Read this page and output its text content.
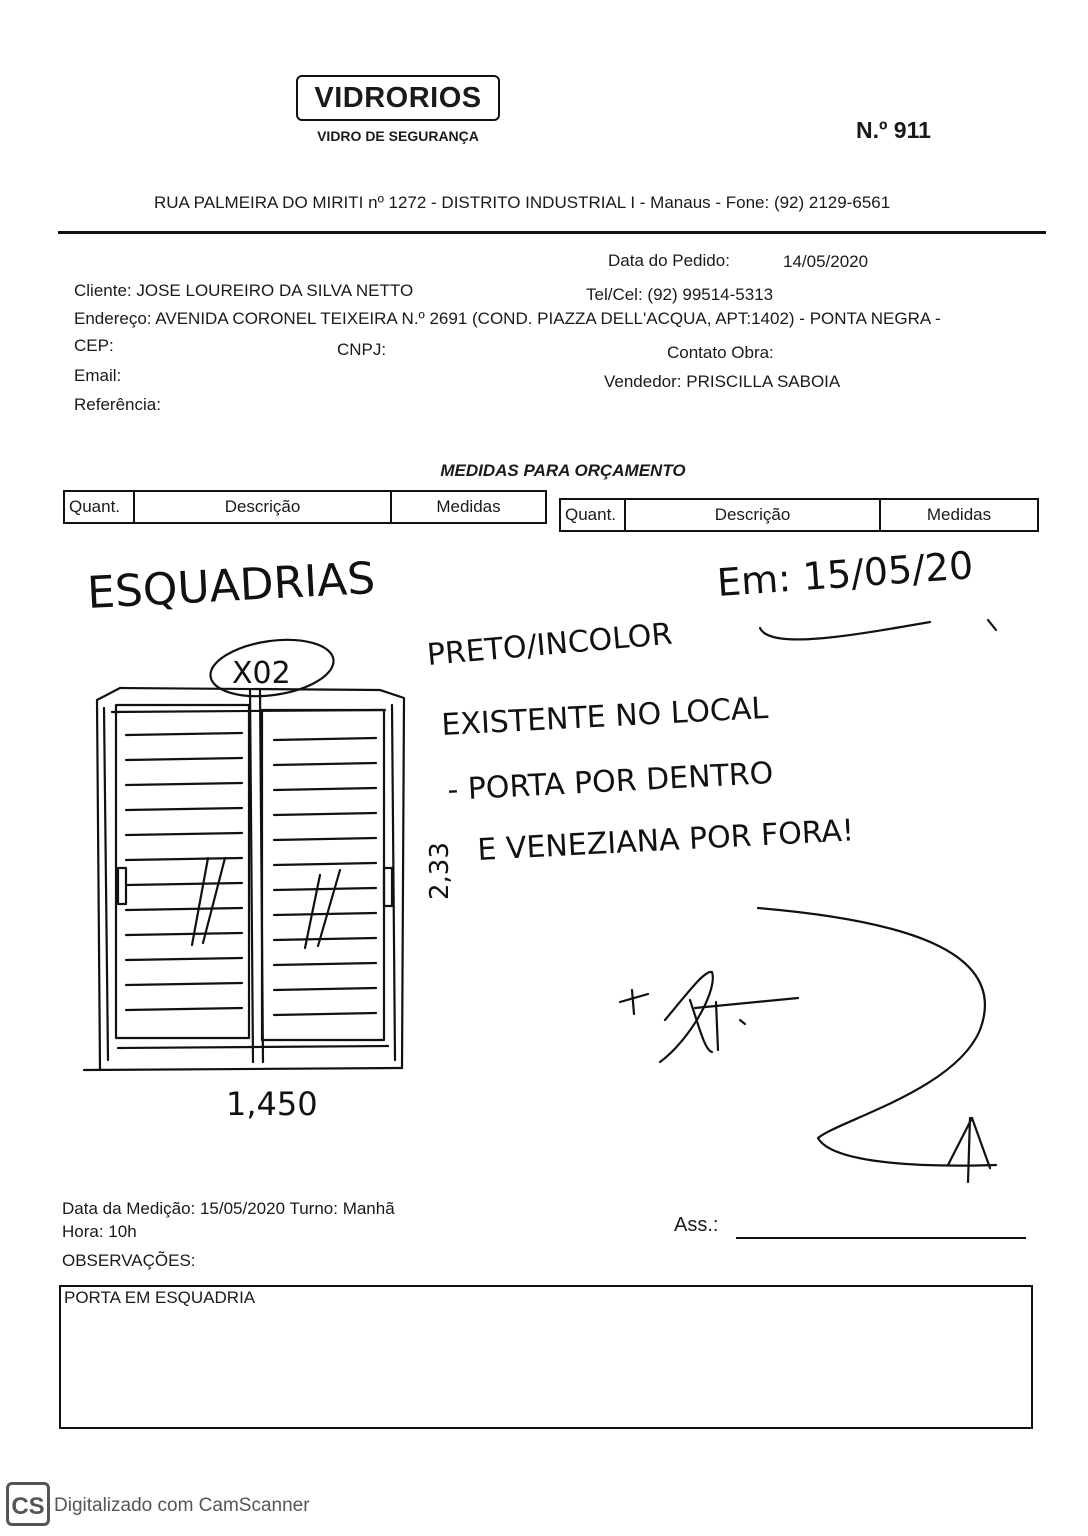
VIDRORIOS
VIDRO DE SEGURANÇA	N.º 911
RUA PALMEIRA DO MIRITI nº 1272 - DISTRITO INDUSTRIAL I - Manaus - Fone: (92) 2129-6561
Data do Pedido:	14/05/2020
Cliente: JOSE LOUREIRO DA SILVA NETTO	Tel/Cel: (92) 99514-5313
Endereço: AVENIDA CORONEL TEIXEIRA N.º 2691 (COND. PIAZZA DELL'ACQUA, APT:1402) - PONTA NEGRA -
CEP:	CNPJ:	Contato Obra:
Email:	Vendedor: PRISCILLA SABOIA
Referência:
MEDIDAS PARA ORÇAMENTO
Quant.	Descrição	Medidas	Quant.	Descrição	Medidas
ESQUADRIAS	Em: 15/05/20
X02
PRETO/INCOLOR
EXISTENTE NO LOCAL
- PORTA POR DENTRO
E VENEZIANA POR FORA!
2,33
1,450
Data da Medição: 15/05/2020 Turno: Manhã
Hora: 10h	Ass.:
OBSERVAÇÕES:
PORTA EM ESQUADRIA
CS Digitalizado com CamScanner
